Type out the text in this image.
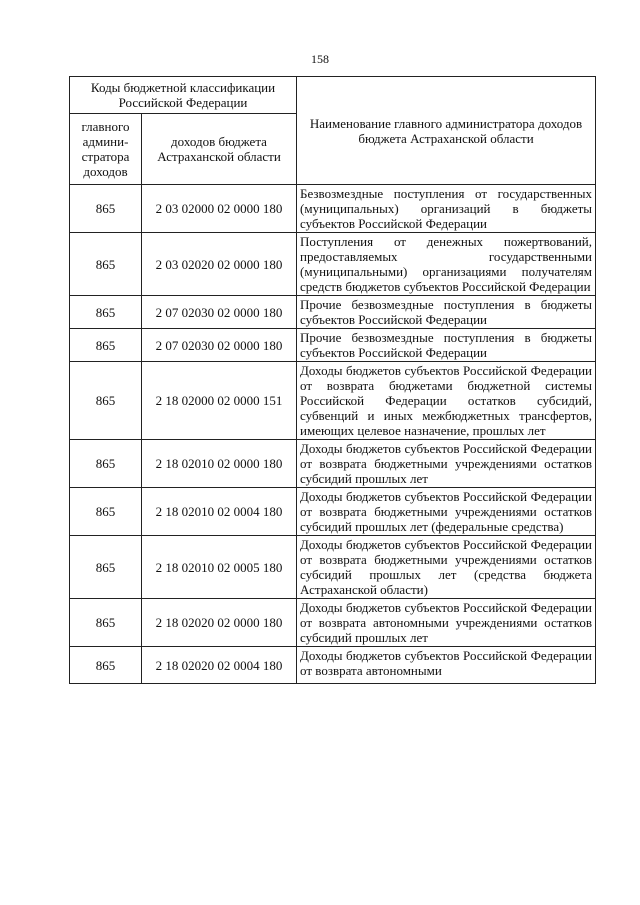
158
Коды бюджетной классификации Российской Федерации		Наименование главного администратора доходов бюджета Астраханской области
главного админи-стратора доходов	доходов бюджета Астраханской области	
865	2 03 02000 02 0000 180	Безвозмездные поступления от государственных (муниципальных) организаций в бюджеты субъектов Российской Федерации
865	2 03 02020 02 0000 180	Поступления от денежных пожертвований, предоставляемых государственными (муниципальными) организациями получателям средств бюджетов субъектов Российской Федерации
865	2 07 02030 02 0000 180	Прочие безвозмездные поступления в бюджеты субъектов Российской Федерации
865	2 07 02030 02 0000 180	Прочие безвозмездные поступления в бюджеты субъектов Российской Федерации
865	2 18 02000 02 0000 151	Доходы бюджетов субъектов Российской Федерации от возврата бюджетами бюджетной системы Российской Федерации остатков субсидий, субвенций и иных межбюджетных трансфертов, имеющих целевое назначение, прошлых лет
865	2 18 02010 02 0000 180	Доходы бюджетов субъектов Российской Федерации от возврата бюджетными учреждениями остатков субсидий прошлых лет
865	2 18 02010 02 0004 180	Доходы бюджетов субъектов Российской Федерации от возврата бюджетными учреждениями остатков субсидий прошлых лет (федеральные средства)
865	2 18 02010 02 0005 180	Доходы бюджетов субъектов Российской Федерации от возврата бюджетными учреждениями остатков субсидий прошлых лет (средства бюджета Астраханской области)
865	2 18 02020 02 0000 180	Доходы бюджетов субъектов Российской Федерации от возврата автономными учреждениями остатков субсидий прошлых лет
865	2 18 02020 02 0004 180	Доходы бюджетов субъектов Российской Федерации от возврата автономными
